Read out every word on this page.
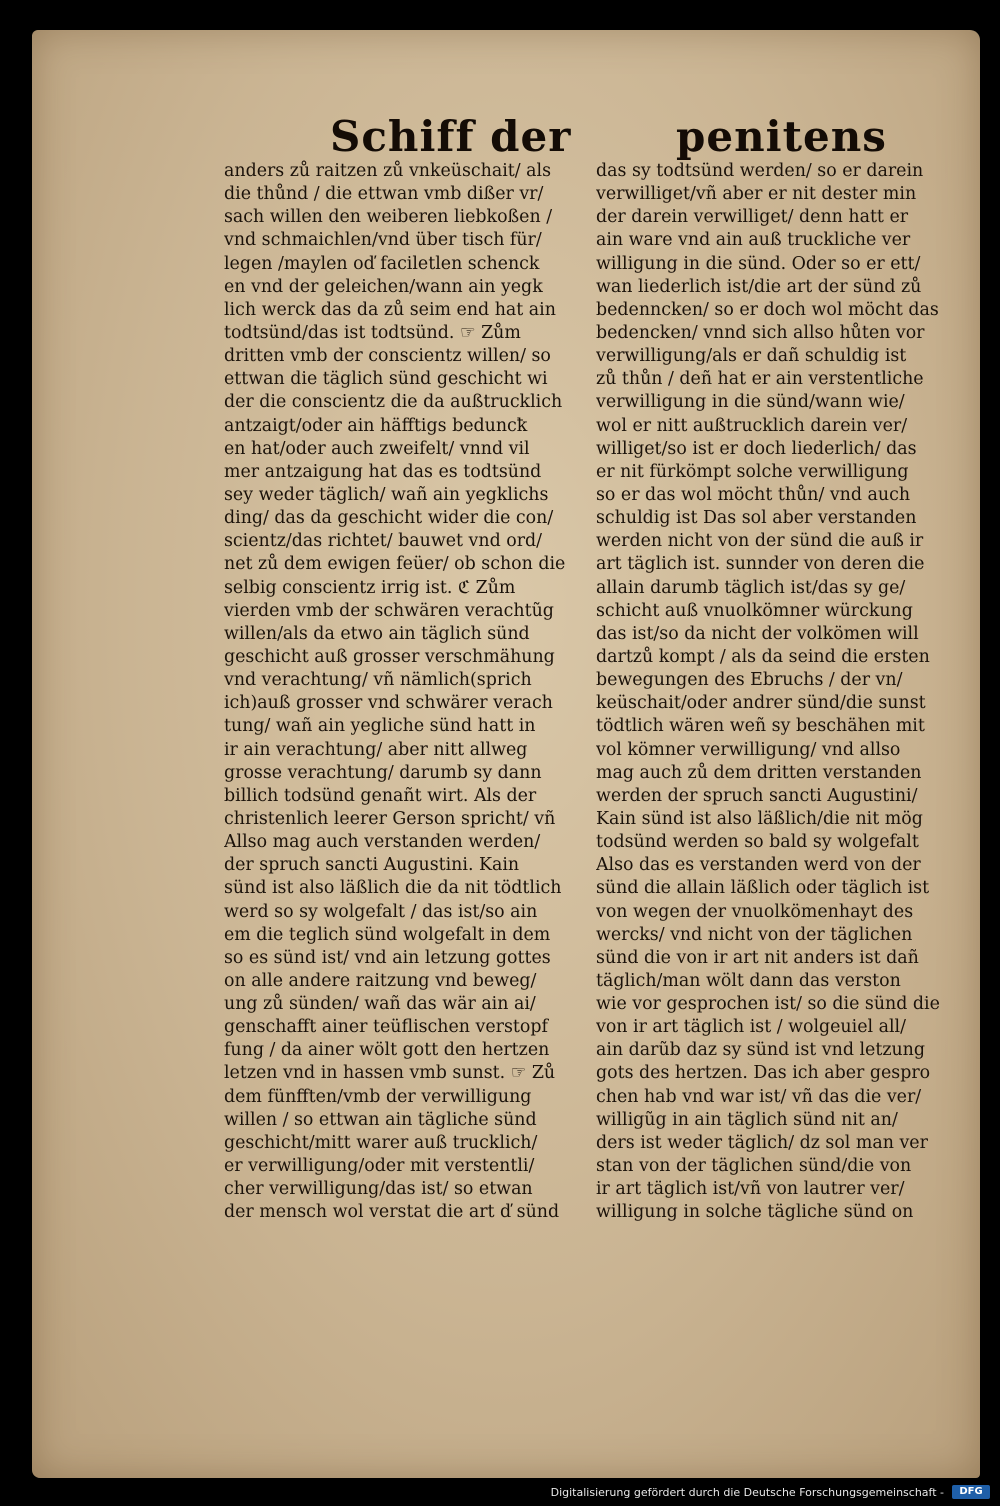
Schiff der penitens
anders zů raitzen zů vnkeüschait/ als
die thůnd / die ettwan vmb dißer vr/
sach willen den weiberen liebkoßen /
vnd schmaichlen/vnd über tisch für/
legen /maylen oď faciletlen schenck
en vnd der geleichen/wann ain yegk
lich werck das da zů seim end hat ain
todtsünd/das ist todtsünd. ☞ Zům
dritten vmb der conscientz willen/ so
ettwan die täglich sünd geschicht wi
der die conscientz die da außtrucklich
antzaigt/oder ain häfftigs beduncꝁ
en hat/oder auch zweifelt/ vnnd vil
mer antzaigung hat das es todtsünd
sey weder täglich/ wañ ain yegklichs
ding/ das da geschicht wider die con/
scientz/das richtet/ bauwet vnd ord/
net zů dem ewigen feüer/ ob schon die
selbig conscientz irrig ist. ℭ Zům
vierden vmb der schwären verachtũg
willen/als da etwo ain täglich sünd
geschicht auß grosser verschmähung
vnd verachtung/ vñ nämlich(sprich
ich)auß grosser vnd schwärer verach
tung/ wañ ain yegliche sünd hatt in
ir ain verachtung/ aber nitt allweg
grosse verachtung/ darumb sy dann
billich todsünd genañt wirt. Als der
christenlich leerer Gerson spricht/ vñ
Allso mag auch verstanden werden/
der spruch sancti Augustini. Kain
sünd ist also läßlich die da nit tödtlich
werd so sy wolgefalt / das ist/so ain
em die teglich sünd wolgefalt in dem
so es sünd ist/ vnd ain letzung gottes
on alle andere raitzung vnd beweg/
ung zů sünden/ wañ das wär ain ai/
genschafft ainer teüflischen verstopf
fung / da ainer wölt gott den hertzen
letzen vnd in hassen vmb sunst. ☞ Zů
dem fünfften/vmb der verwilligung
willen / so ettwan ain tägliche sünd
geschicht/mitt warer auß trucklich/
er verwilligung/oder mit verstentli/
cher verwilligung/das ist/ so etwan
der mensch wol verstat die art ď sünd
das sy todtsünd werden/ so er darein
verwilliget/vñ aber er nit dester min
der darein verwilliget/ denn hatt er
ain ware vnd ain auß truckliche ver
willigung in die sünd. Oder so er ett/
wan liederlich ist/die art der sünd zů
bedenncken/ so er doch wol möcht das
bedencken/ vnnd sich allso hůten vor
verwilligung/als er dañ schuldig ist
zů thůn / deñ hat er ain verstentliche
verwilligung in die sünd/wann wie/
wol er nitt außtrucklich darein ver/
williget/so ist er doch liederlich/ das
er nit fürkömpt solche verwilligung
so er das wol möcht thůn/ vnd auch
schuldig ist Das sol aber verstanden
werden nicht von der sünd die auß ir
art täglich ist. sunnder von deren die
allain darumb täglich ist/das sy ge/
schicht auß vnuolkömner würckung
das ist/so da nicht der volkömen will
dartzů kompt / als da seind die ersten
bewegungen des Ebruchs / der vn/
keüschait/oder andrer sünd/die sunst
tödtlich wären weñ sy beschähen mit
vol kömner verwilligung/ vnd allso
mag auch zů dem dritten verstanden
werden der spruch sancti Augustini/
Kain sünd ist also läßlich/die nit mög
todsünd werden so bald sy wolgefalt
Also das es verstanden werd von der
sünd die allain läßlich oder täglich ist
von wegen der vnuolkömenhayt des
wercks/ vnd nicht von der täglichen
sünd die von ir art nit anders ist dañ
täglich/man wölt dann das verston
wie vor gesprochen ist/ so die sünd die
von ir art täglich ist / wolgeuiel all/
ain darũb daz sy sünd ist vnd letzung
gots des hertzen. Das ich aber gespro
chen hab vnd war ist/ vñ das die ver/
willigũg in ain täglich sünd nit an/
ders ist weder täglich/ dz sol man ver
stan von der täglichen sünd/die von
ir art täglich ist/vñ von lautrer ver/
willigung in solche tägliche sünd on
Digitalisierung gefördert durch die Deutsche Forschungsgemeinschaft -	DFG
